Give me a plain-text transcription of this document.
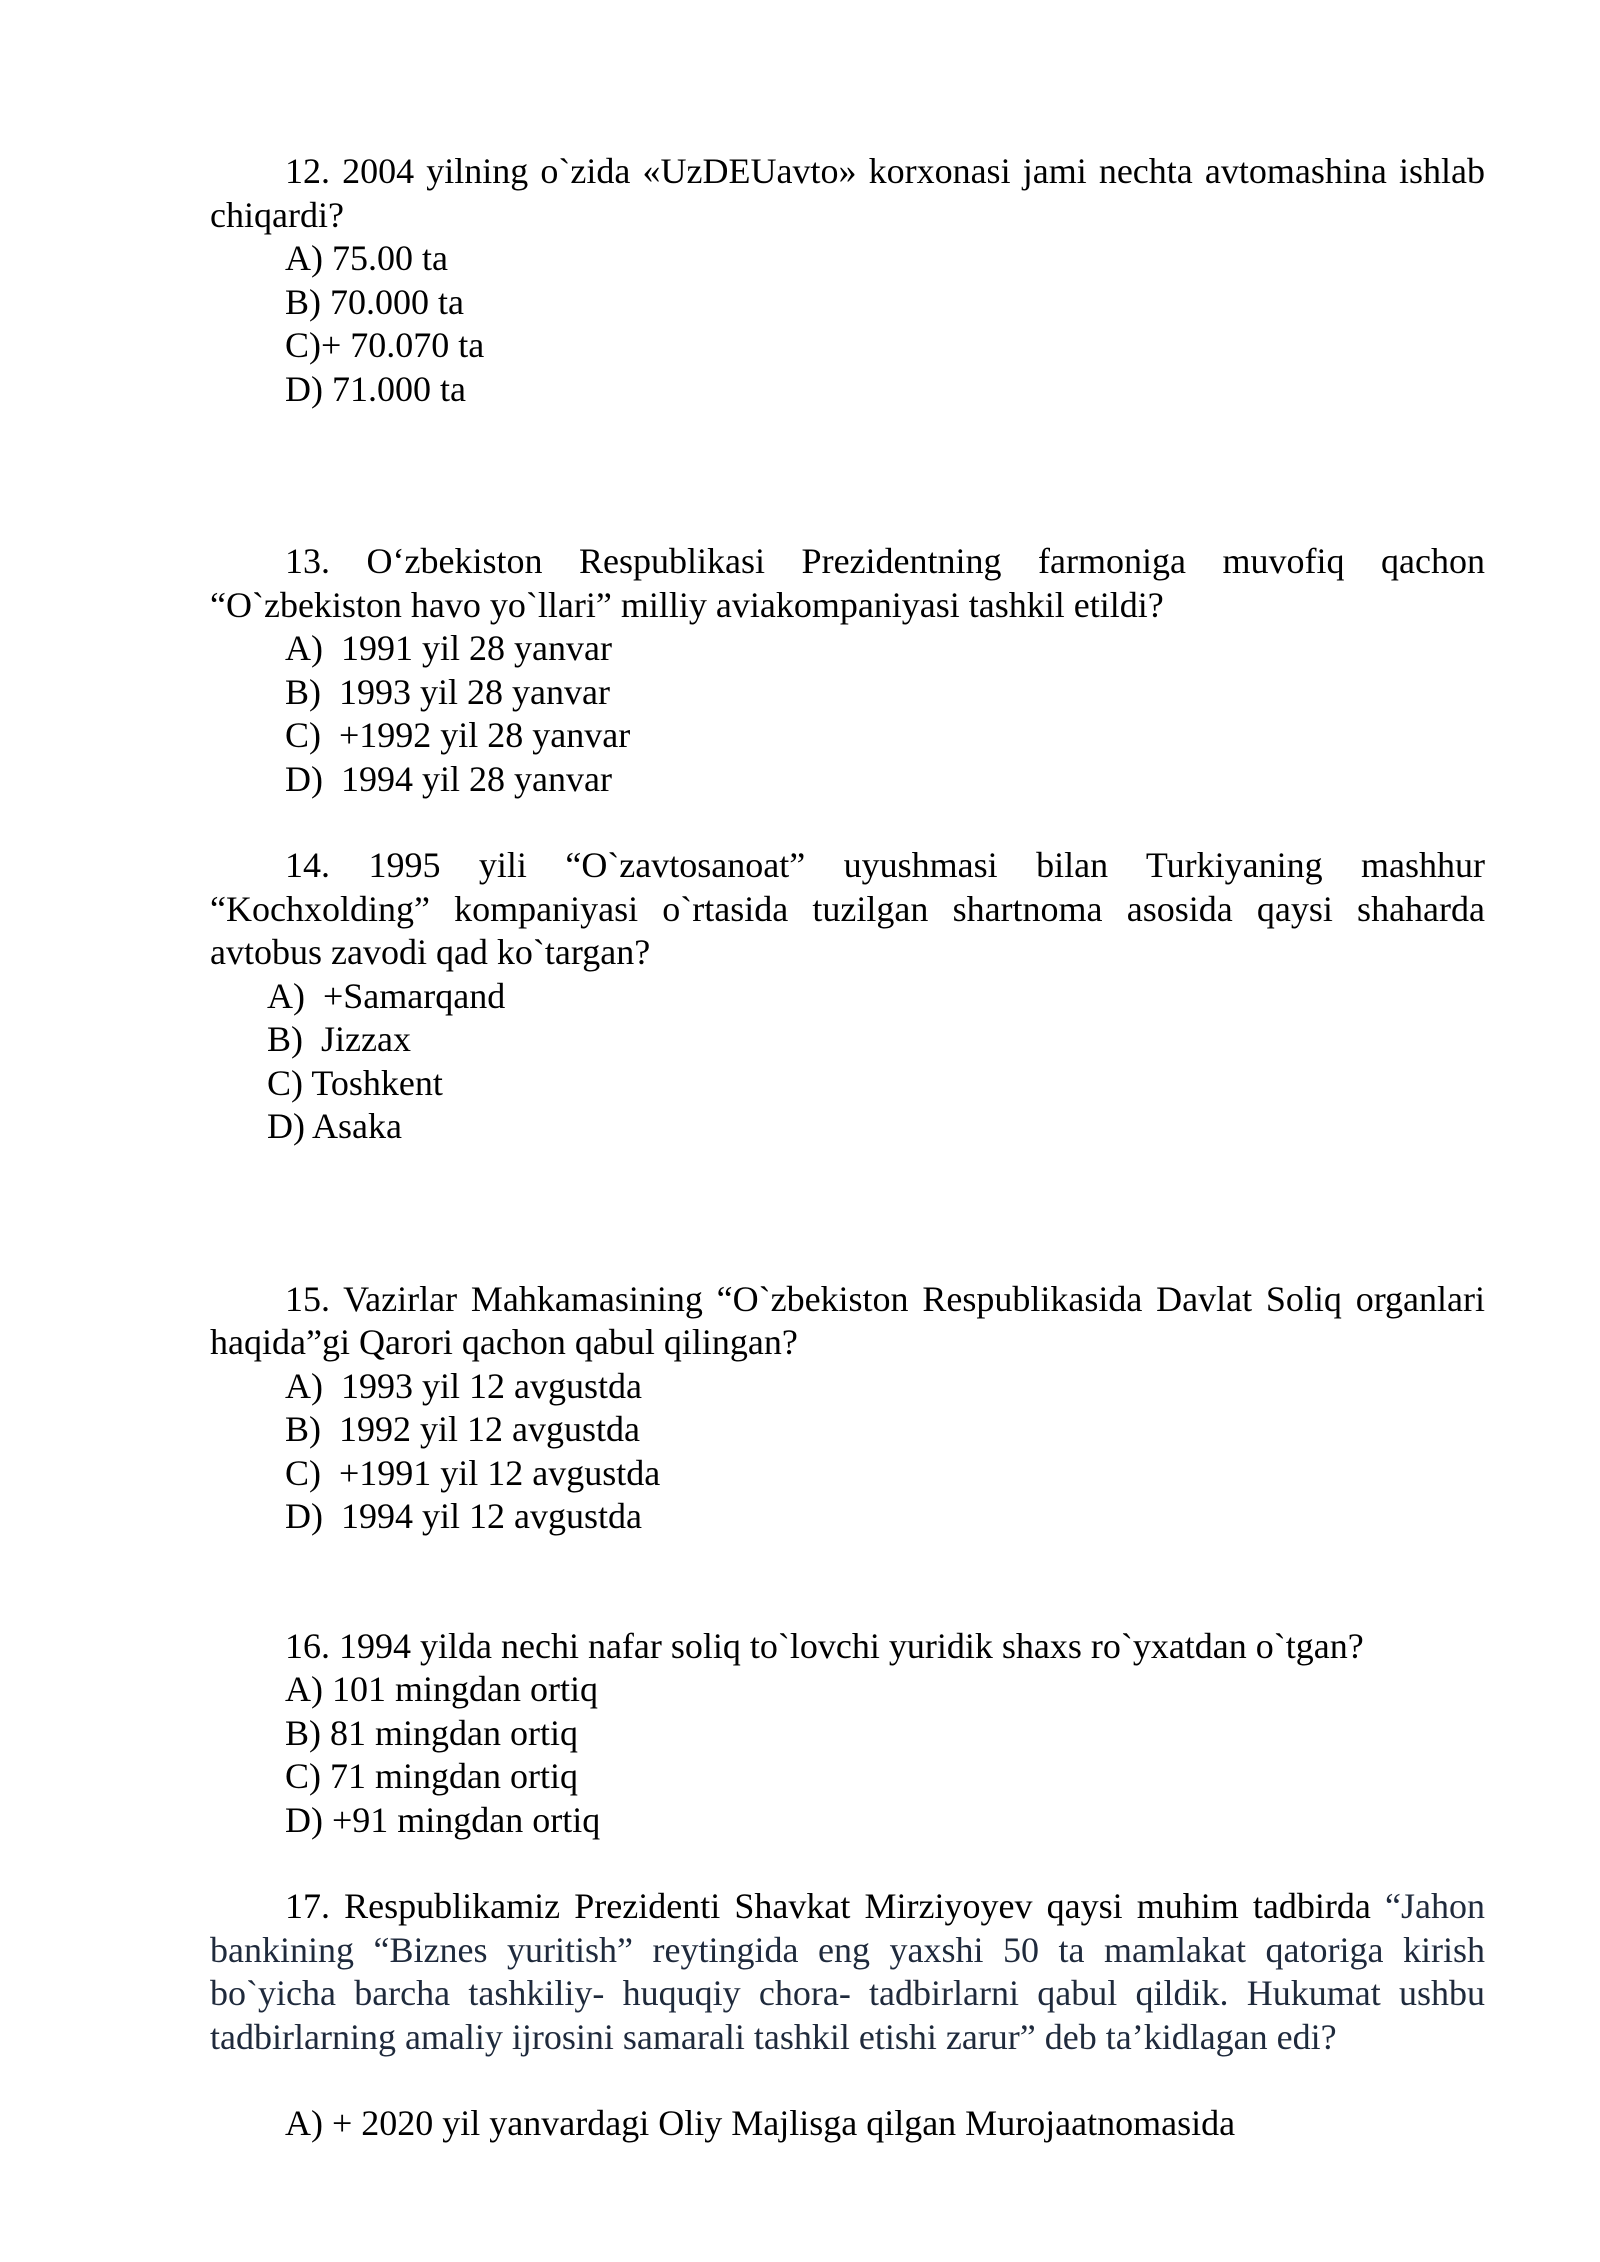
12. 2004 yilning o`zida «UzDEUavto» korxonasi jami nechta avtomashina ishlab chiqardi?

A) 75.00 ta
B) 70.000 ta
C)+ 70.070 ta
D) 71.000 ta

13. O‘zbekiston Respublikasi Prezidentning farmoniga muvofiq qachon “O`zbekiston havo yo`llari” milliy aviakompaniyasi tashkil etildi?

A)  1991 yil 28 yanvar
B)  1993 yil 28 yanvar
C)  +1992 yil 28 yanvar
D)  1994 yil 28 yanvar

14. 1995 yili “O`zavtosanoat” uyushmasi bilan Turkiyaning mashhur “Kochxolding” kompaniyasi o`rtasida tuzilgan shartnoma asosida qaysi shaharda avtobus zavodi qad ko`targan?

A)  +Samarqand
B)  Jizzax
C) Toshkent
D) Asaka

15. Vazirlar Mahkamasining “O`zbekiston Respublikasida Davlat Soliq organlari haqida”gi Qarori qachon qabul qilingan?

A)  1993 yil 12 avgustda
B)  1992 yil 12 avgustda
C)  +1991 yil 12 avgustda
D)  1994 yil 12 avgustda

16. 1994 yilda nechi nafar soliq to`lovchi yuridik shaxs ro`yxatdan o`tgan?

A) 101 mingdan ortiq
B) 81 mingdan ortiq
C) 71 mingdan ortiq
D) +91 mingdan ortiq

17. Respublikamiz Prezidenti Shavkat Mirziyoyev qaysi muhim tadbirda “Jahon bankining “Biznes yuritish” reytingida eng yaxshi 50 ta mamlakat qatoriga kirish bo`yicha barcha tashkiliy- huquqiy chora- tadbirlarni qabul qildik. Hukumat ushbu tadbirlarning amaliy ijrosini samarali tashkil etishi zarur” deb ta’kidlagan edi?

A) + 2020 yil yanvardagi Oliy Majlisga qilgan Murojaatnomasida
